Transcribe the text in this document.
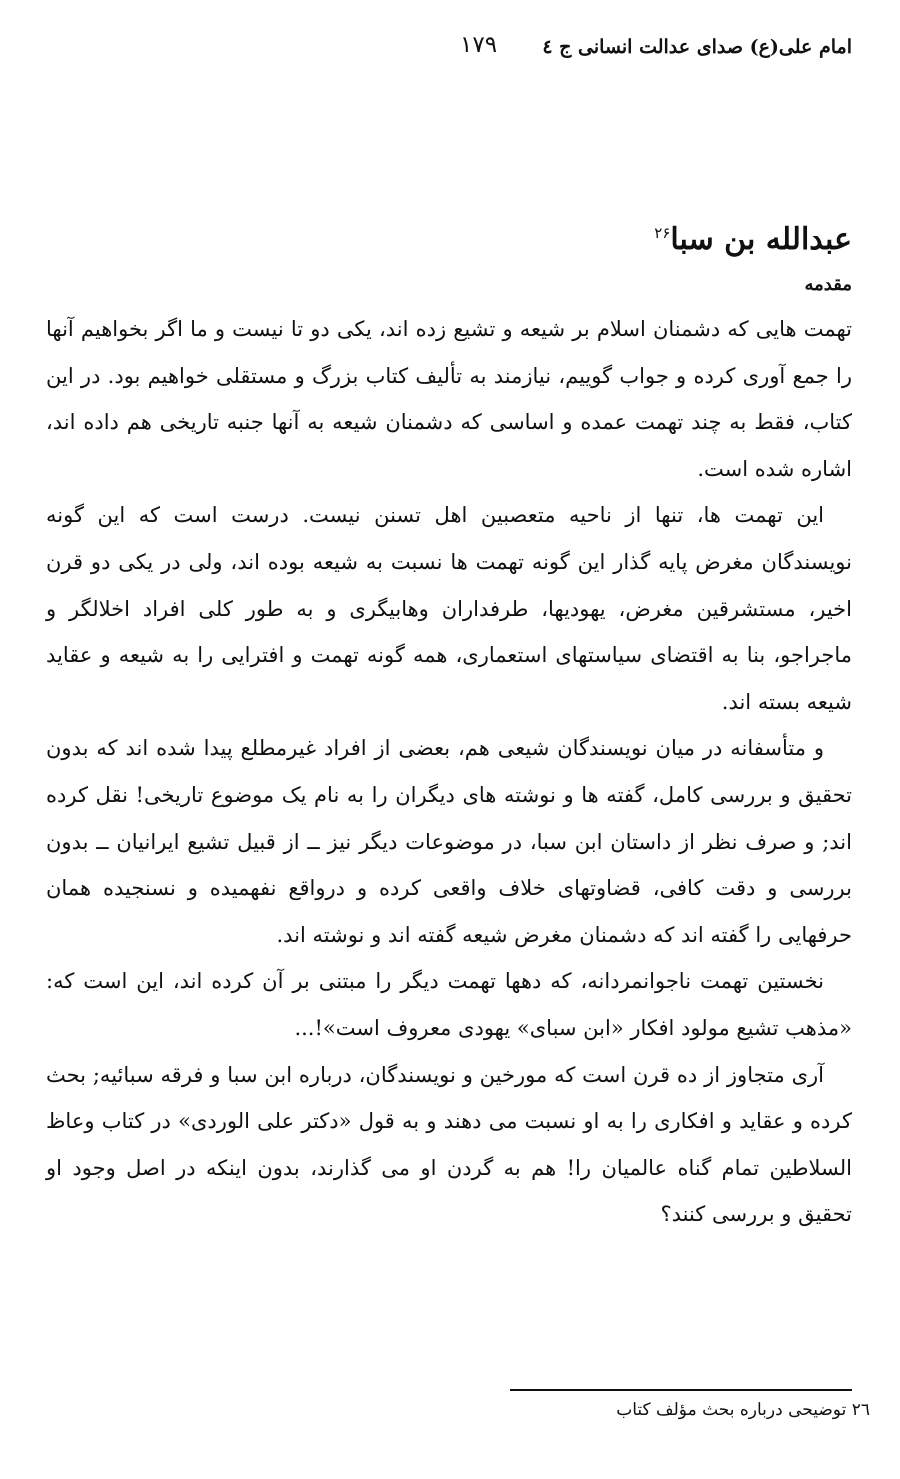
امام علی(ع) صدای عدالت انسانی ج ٤
۱۷۹
عبدالله بن سبا$^{۲۶}$
مقدمه

تهمت هایی که دشمنان اسلام بر شیعه و تشیع زده اند، یکی دو تا نیست و ما اگر بخواهیم آنها را جمع آوری کرده و جواب گوییم، نیازمند به تألیف کتاب بزرگ و مستقلی خواهیم بود. در این کتاب، فقط به چند تهمت عمده و اساسی که دشمنان شیعه به آنها جنبه تاریخی هم داده اند، اشاره شده است.

این تهمت ها، تنها از ناحیه متعصبین اهل تسنن نیست. درست است که این گونه نویسندگان مغرض پایه گذار این گونه تهمت ها نسبت به شیعه بوده اند، ولی در یکی دو قرن اخیر، مستشرقین مغرض، یهودیها، طرفداران وهابیگری و به طور کلی افراد اخلالگر و ماجراجو، بنا به اقتضای سیاستهای استعماری، همه گونه تهمت و افترایی را به شیعه و عقاید شیعه بسته اند.

و متأسفانه در میان نویسندگان شیعی هم، بعضی از افراد غیرمطلع پیدا شده اند که بدون تحقیق و بررسی کامل، گفته ها و نوشته های دیگران را به نام یک موضوع تاریخی! نقل کرده اند; و صرف نظر از داستان ابن سبا، در موضوعات دیگر نیز ــ از قبیل تشیع ایرانیان ــ بدون بررسی و دقت کافی، قضاوتهای خلاف واقعی کرده و درواقع نفهمیده و نسنجیده همان حرفهایی را گفته اند که دشمنان مغرض شیعه گفته اند و نوشته اند.

نخستین تهمت ناجوانمردانه، که دهها تهمت دیگر را مبتنی بر آن کرده اند، این است که: «مذهب تشیع مولود افکار «ابن سبای» یهودی معروف است»!...

آری متجاوز از ده قرن است که مورخین و نویسندگان، درباره ابن سبا و فرقه سبائیه; بحث کرده و عقاید و افکاری را به او نسبت می دهند و به قول «دکتر علی الوردی» در کتاب وعاظ السلاطین تمام گناه عالمیان را! هم به گردن او می گذارند، بدون اینکه در اصل وجود او تحقیق و بررسی کنند؟

٢٦ توضیحی درباره بحث مؤلف کتاب
